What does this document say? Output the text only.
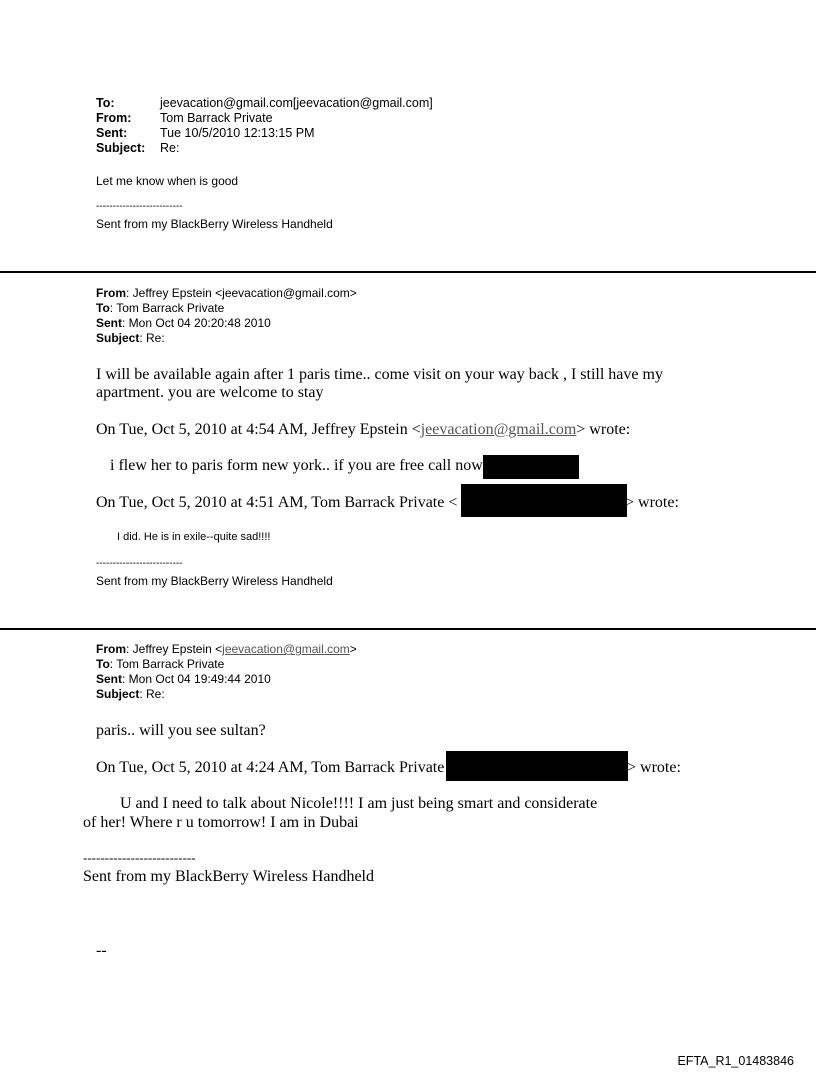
To:	jeevacation@gmail.com[jeevacation@gmail.com]
From: Tom Barrack Private
Sent:	Tue 10/5/2010 12:13:15 PM
Subject: Re:
Let me know when is good
--------------------------
Sent from my BlackBerry Wireless Handheld
From: Jeffrey Epstein <jeevacation@gmail.com>
To: Tom Barrack Private
Sent: Mon Oct 04 20:20:48 2010
Subject: Re:
I will be available again after 1 paris time.. come visit on your way back , I still have my
apartment. you are welcome to stay
On Tue, Oct 5, 2010 at 4:54 AM, Jeffrey Epstein <jeevacation@gmail.com> wrote:
i flew her to paris form new york.. if you are free call now
On Tue, Oct 5, 2010 at 4:51 AM, Tom Barrack Private <	> wrote:
I did. He is in exile--quite sad!!!!
--------------------------
Sent from my BlackBerry Wireless Handheld
From: Jeffrey Epstein <jeevacation@gmail.com>
To: Tom Barrack Private
Sent: Mon Oct 04 19:49:44 2010
Subject: Re:
paris.. will you see sultan?
On Tue, Oct 5, 2010 at 4:24 AM, Tom Barrack Private	> wrote:
U and I need to talk about Nicole!!!! I am just being smart and considerate
of her! Where r u tomorrow! I am in Dubai
--------------------------
Sent from my BlackBerry Wireless Handheld
--
EFTA_R1_01483846
